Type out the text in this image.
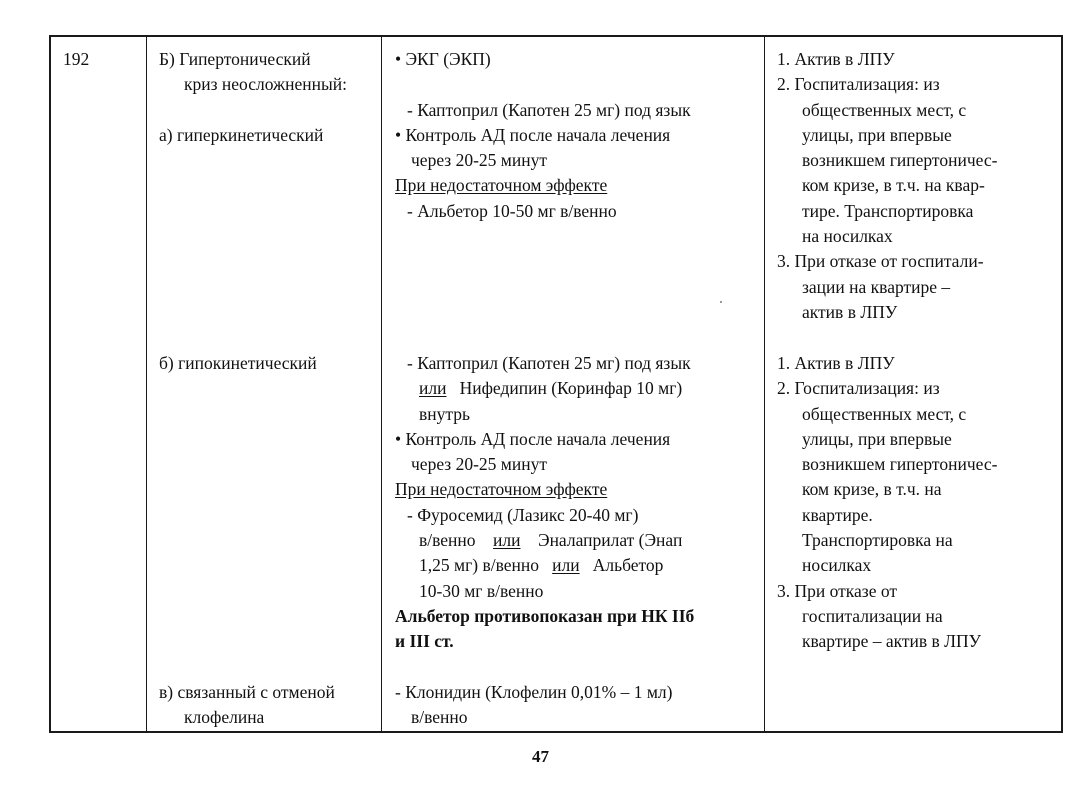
192	Б) Гипертонический
криз неосложненный:
а) гиперкинетический
б) гипокинетический
в) связанный с отменой
клофелина
• ЭКГ (ЭКП)
- Каптоприл (Капотен 25 мг) под язык
• Контроль АД после начала лечения
через 20-25 минут
При недостаточном эффекте
- Альбетор 10-50 мг в/венно
- Каптоприл (Капотен 25 мг) под язык
или Нифедипин (Коринфар 10 мг)
внутрь
• Контроль АД после начала лечения
через 20-25 минут
При недостаточном эффекте
- Фуросемид (Лазикс 20-40 мг)
в/венно или Эналаприлат (Энап
1,25 мг) в/венно или Альбетор
10-30 мг в/венно
Альбетор противопоказан при НК IIб
и III ст.
- Клонидин (Клофелин 0,01% – 1 мл)
в/венно
1. Актив в ЛПУ
2. Госпитализация: из
общественных мест, с
улицы, при впервые
возникшем гипертоничес-
ком кризе, в т.ч. на квар-
тире. Транспортировка
на носилках
3. При отказе от госпитали-
зации на квартире –
актив в ЛПУ
1. Актив в ЛПУ
2. Госпитализация: из
общественных мест, с
улицы, при впервые
возникшем гипертоничес-
ком кризе, в т.ч. на
квартире.
Транспортировка на
носилках
3. При отказе от
госпитализации на
квартире – актив в ЛПУ
47
